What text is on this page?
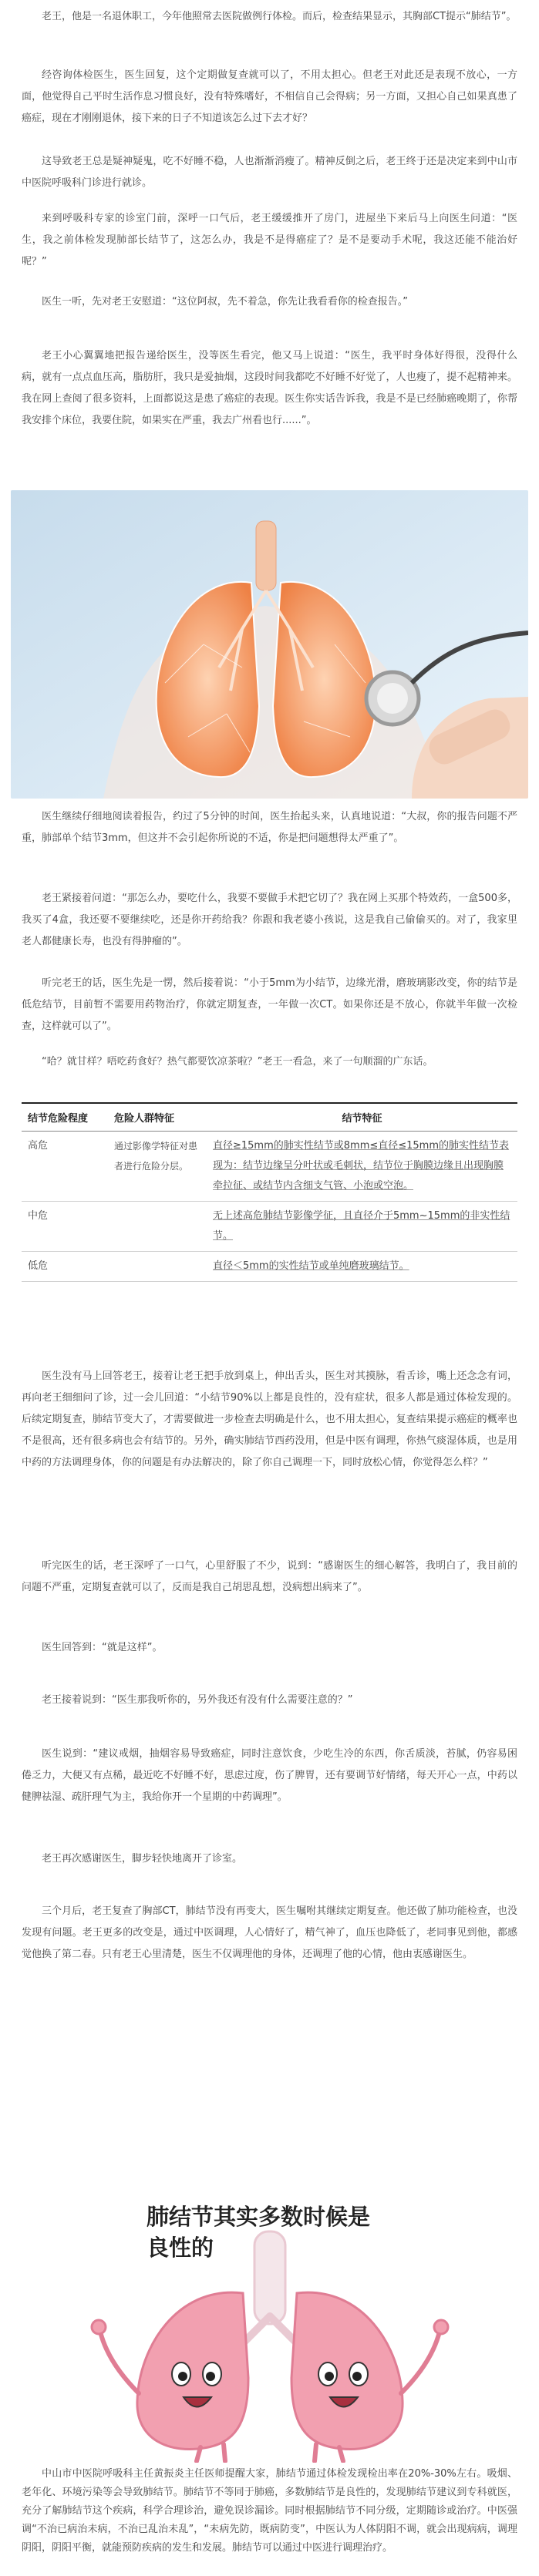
老王，他是一名退休职工，今年他照常去医院做例行体检。而后，检查结果显示，其胸部CT提示“肺结节”。

经咨询体检医生，医生回复，这个定期做复查就可以了，不用太担心。但老王对此还是表现不放心，一方面，他觉得自己平时生活作息习惯良好，没有特殊嗜好，不相信自己会得病；另一方面，又担心自己如果真患了癌症，现在才刚刚退休，接下来的日子不知道该怎么过下去才好？

这导致老王总是疑神疑鬼，吃不好睡不稳，人也渐渐消瘦了。精神反倒之后，老王终于还是决定来到中山市中医院呼吸科门诊进行就诊。

来到呼吸科专家的诊室门前，深呼一口气后，老王缓缓推开了房门，进屋坐下来后马上向医生问道：“医生，我之前体检发现肺部长结节了，这怎么办，我是不是得癌症了？是不是要动手术呢，我这还能不能治好呢？”

医生一听，先对老王安慰道：“这位阿叔，先不着急，你先让我看看你的检查报告。”

老王小心翼翼地把报告递给医生，没等医生看完，他又马上说道：“医生，我平时身体好得很，没得什么病，就有一点点血压高，脂肪肝，我只是爱抽烟，这段时间我都吃不好睡不好觉了，人也瘦了，提不起精神来。我在网上查阅了很多资料，上面都说这是患了癌症的表现。医生你实话告诉我，我是不是已经肺癌晚期了，你帮我安排个床位，我要住院，如果实在严重，我去广州看也行......”。

医生继续仔细地阅读着报告，约过了5分钟的时间，医生抬起头来，认真地说道：“大叔，你的报告问题不严重，肺部单个结节3mm，但这并不会引起你所说的不适，你是把问题想得太严重了”。

老王紧接着问道：“那怎么办，要吃什么，我要不要做手术把它切了？我在网上买那个特效药，一盒500多，我买了4盒，我还要不要继续吃，还是你开药给我？你跟和我老婆小孩说，这是我自己偷偷买的。对了，我家里老人都健康长寿，也没有得肿瘤的”。

听完老王的话，医生先是一愣，然后接着说：“小于5mm为小结节，边缘光滑，磨玻璃影改变，你的结节是低危结节，目前暂不需要用药物治疗，你就定期复查，一年做一次CT。如果你还是不放心，你就半年做一次检查，这样就可以了”。

“哈？就甘样？唔吃药食好？热气都要饮凉茶啦？”老王一看急，来了一句顺溜的广东话。

结节危险程度	危险人群特征	结节特征
高危	通过影像学特征对患者进行危险分层。	直径≥15mm的肺实性结节或8mm≤直径≤15mm的肺实性结节表现为：结节边缘呈分叶状或毛刺状，结节位于胸膜边缘且出现胸膜牵拉征、或结节内含细支气管、小泡或空泡。
中危		无上述高危肺结节影像学征，且直径介于5mm~15mm的非实性结节。
低危		直径＜5mm的实性结节或单纯磨玻璃结节。

医生没有马上回答老王，接着让老王把手放到桌上，伸出舌头，医生对其摸脉，看舌诊，嘴上还念念有词，再向老王细细问了诊，过一会儿回道：“小结节90%以上都是良性的，没有症状，很多人都是通过体检发现的。后续定期复查，肺结节变大了，才需要做进一步检查去明确是什么，也不用太担心，复查结果提示癌症的概率也不是很高，还有很多病也会有结节的。另外，确实肺结节西药没用，但是中医有调理，你热气痰湿体质，也是用中药的方法调理身体，你的问题是有办法解决的，除了你自己调理一下，同时放松心情，你觉得怎么样？”

听完医生的话，老王深呼了一口气，心里舒服了不少，说到：“感谢医生的细心解答，我明白了，我目前的问题不严重，定期复查就可以了，反而是我自己胡思乱想，没病想出病来了”。

医生回答到：“就是这样”。

老王接着说到：“医生那我听你的，另外我还有没有什么需要注意的？”

医生说到：“建议戒烟，抽烟容易导致癌症，同时注意饮食，少吃生冷的东西，你舌质淡，苔腻，仍容易困倦乏力，大便又有点稀，最近吃不好睡不好，思虑过度，伤了脾胃，还有要调节好情绪，每天开心一点，中药以健脾祛湿、疏肝理气为主，我给你开一个星期的中药调理”。

老王再次感谢医生，脚步轻快地离开了诊室。

三个月后，老王复查了胸部CT，肺结节没有再变大，医生嘱咐其继续定期复查。他还做了肺功能检查，也没发现有问题。老王更多的改变是，通过中医调理，人心情好了，精气神了，血压也降低了，老同事见到他，都感觉他换了第二春。只有老王心里清楚，医生不仅调理他的身体，还调理了他的心情，他由衷感谢医生。

肺结节其实多数时候是
良性的

中山市中医院呼吸科主任黄振炎主任医师提醒大家，肺结节通过体检发现检出率在20%-30%左右。吸烟、老年化、环境污染等会导致肺结节。肺结节不等同于肺癌，多数肺结节是良性的，发现肺结节建议到专科就医，充分了解肺结节这个疾病，科学合理诊治，避免误诊漏诊。同时根据肺结节不同分级，定期随诊或治疗。中医强调“不治已病治未病，不治已乱治未乱”，“未病先防，既病防变”，中医认为人体阴阳不调，就会出现病病，调理阴阳，阴阳平衡，就能预防疾病的发生和发展。肺结节可以通过中医进行调理治疗。
